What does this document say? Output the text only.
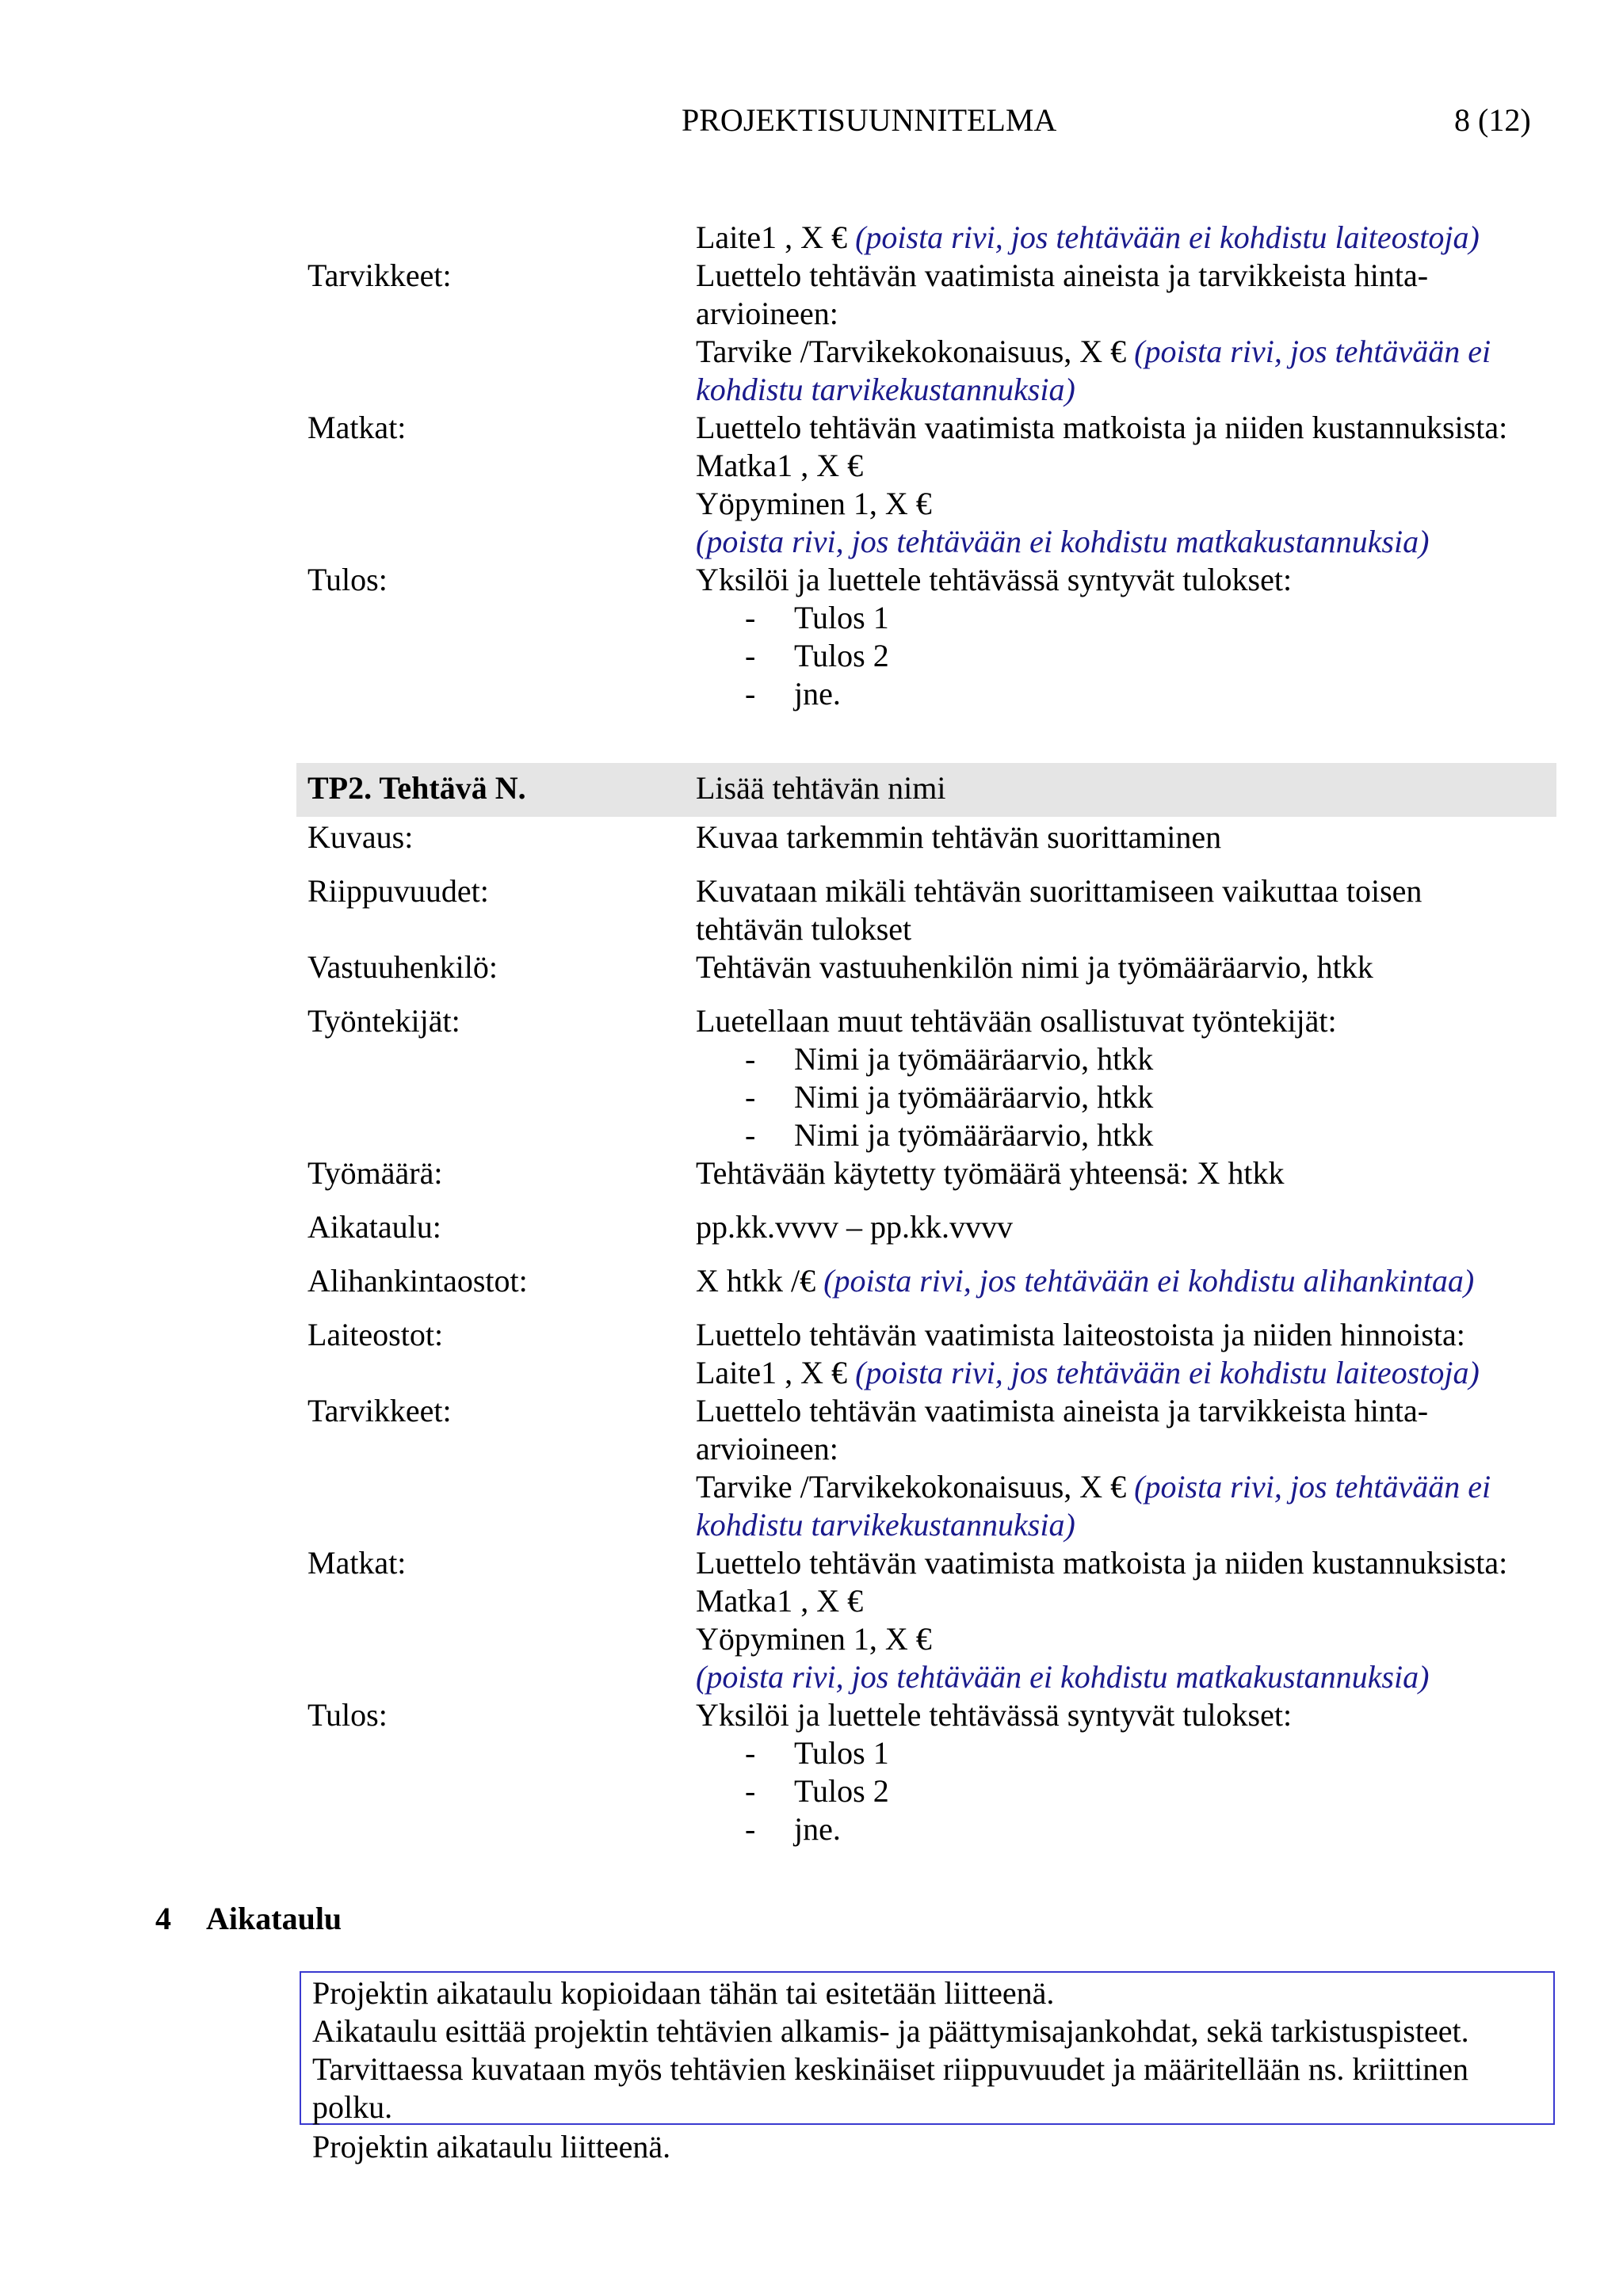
PROJEKTISUUNNITELMA	8 (12)
Laite1 , X € (poista rivi, jos tehtävään ei kohdistu laiteostoja)
Tarvikkeet:	Luettelo tehtävän vaatimista aineista ja tarvikkeista hinta-
arvioineen:
Tarvike /Tarvikekokonaisuus, X € (poista rivi, jos tehtävään ei
kohdistu tarvikekustannuksia)
Matkat:	Luettelo tehtävän vaatimista matkoista ja niiden kustannuksista:
Matka1 , X €
Yöpyminen 1, X €
(poista rivi, jos tehtävään ei kohdistu matkakustannuksia)
Tulos:	Yksilöi ja luettele tehtävässä syntyvät tulokset:
- Tulos 1
- Tulos 2
- jne.
TP2. Tehtävä N.	Lisää tehtävän nimi
Kuvaus:	Kuvaa tarkemmin tehtävän suorittaminen
Riippuvuudet:	Kuvataan mikäli tehtävän suorittamiseen vaikuttaa toisen
tehtävän tulokset
Vastuuhenkilö:	Tehtävän vastuuhenkilön nimi ja työmääräarvio, htkk
Työntekijät:	Luetellaan muut tehtävään osallistuvat työntekijät:
- Nimi ja työmääräarvio, htkk
- Nimi ja työmääräarvio, htkk
- Nimi ja työmääräarvio, htkk
Työmäärä:	Tehtävään käytetty työmäärä yhteensä: X htkk
Aikataulu:	pp.kk.vvvv – pp.kk.vvvv
Alihankintaostot:	X htkk /€ (poista rivi, jos tehtävään ei kohdistu alihankintaa)
Laiteostot:	Luettelo tehtävän vaatimista laiteostoista ja niiden hinnoista:
Laite1 , X € (poista rivi, jos tehtävään ei kohdistu laiteostoja)
Tarvikkeet:	Luettelo tehtävän vaatimista aineista ja tarvikkeista hinta-
arvioineen:
Tarvike /Tarvikekokonaisuus, X € (poista rivi, jos tehtävään ei
kohdistu tarvikekustannuksia)
Matkat:	Luettelo tehtävän vaatimista matkoista ja niiden kustannuksista:
Matka1 , X €
Yöpyminen 1, X €
(poista rivi, jos tehtävään ei kohdistu matkakustannuksia)
Tulos:	Yksilöi ja luettele tehtävässä syntyvät tulokset:
- Tulos 1
- Tulos 2
- jne.
4 Aikataulu
Projektin aikataulu kopioidaan tähän tai esitetään liitteenä.
Aikataulu esittää projektin tehtävien alkamis- ja päättymisajankohdat, sekä tarkistuspisteet.
Tarvittaessa kuvataan myös tehtävien keskinäiset riippuvuudet ja määritellään ns. kriittinen
polku.
Projektin aikataulu liitteenä.
